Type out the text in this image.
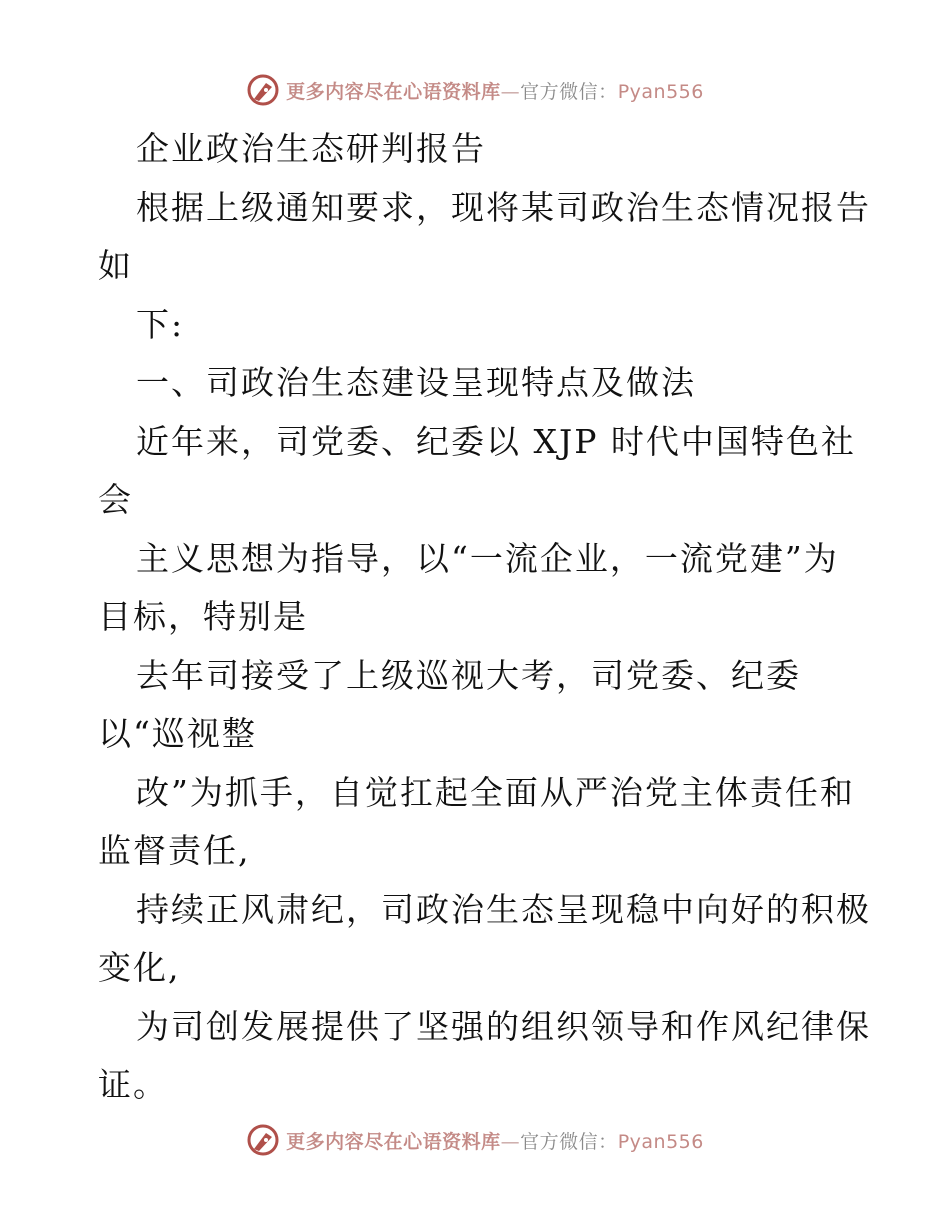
更多内容尽在心语资料库—官方微信：Pyan556
企业政治生态研判报告
根据上级通知要求，现将某司政治生态情况报告
如
下:
一、司政治生态建设呈现特点及做法
近年来，司党委、纪委以 XJP 时代中国特色社
会
主义思想为指导，以“一流企业，一流党建”为
目标，特别是
去年司接受了上级巡视大考，司党委、纪委
以“巡视整
改”为抓手，自觉扛起全面从严治党主体责任和
监督责任,
持续正风肃纪，司政治生态呈现稳中向好的积极
变化,
为司创发展提供了坚强的组织领导和作风纪律保
证。
更多内容尽在心语资料库—官方微信：Pyan556
